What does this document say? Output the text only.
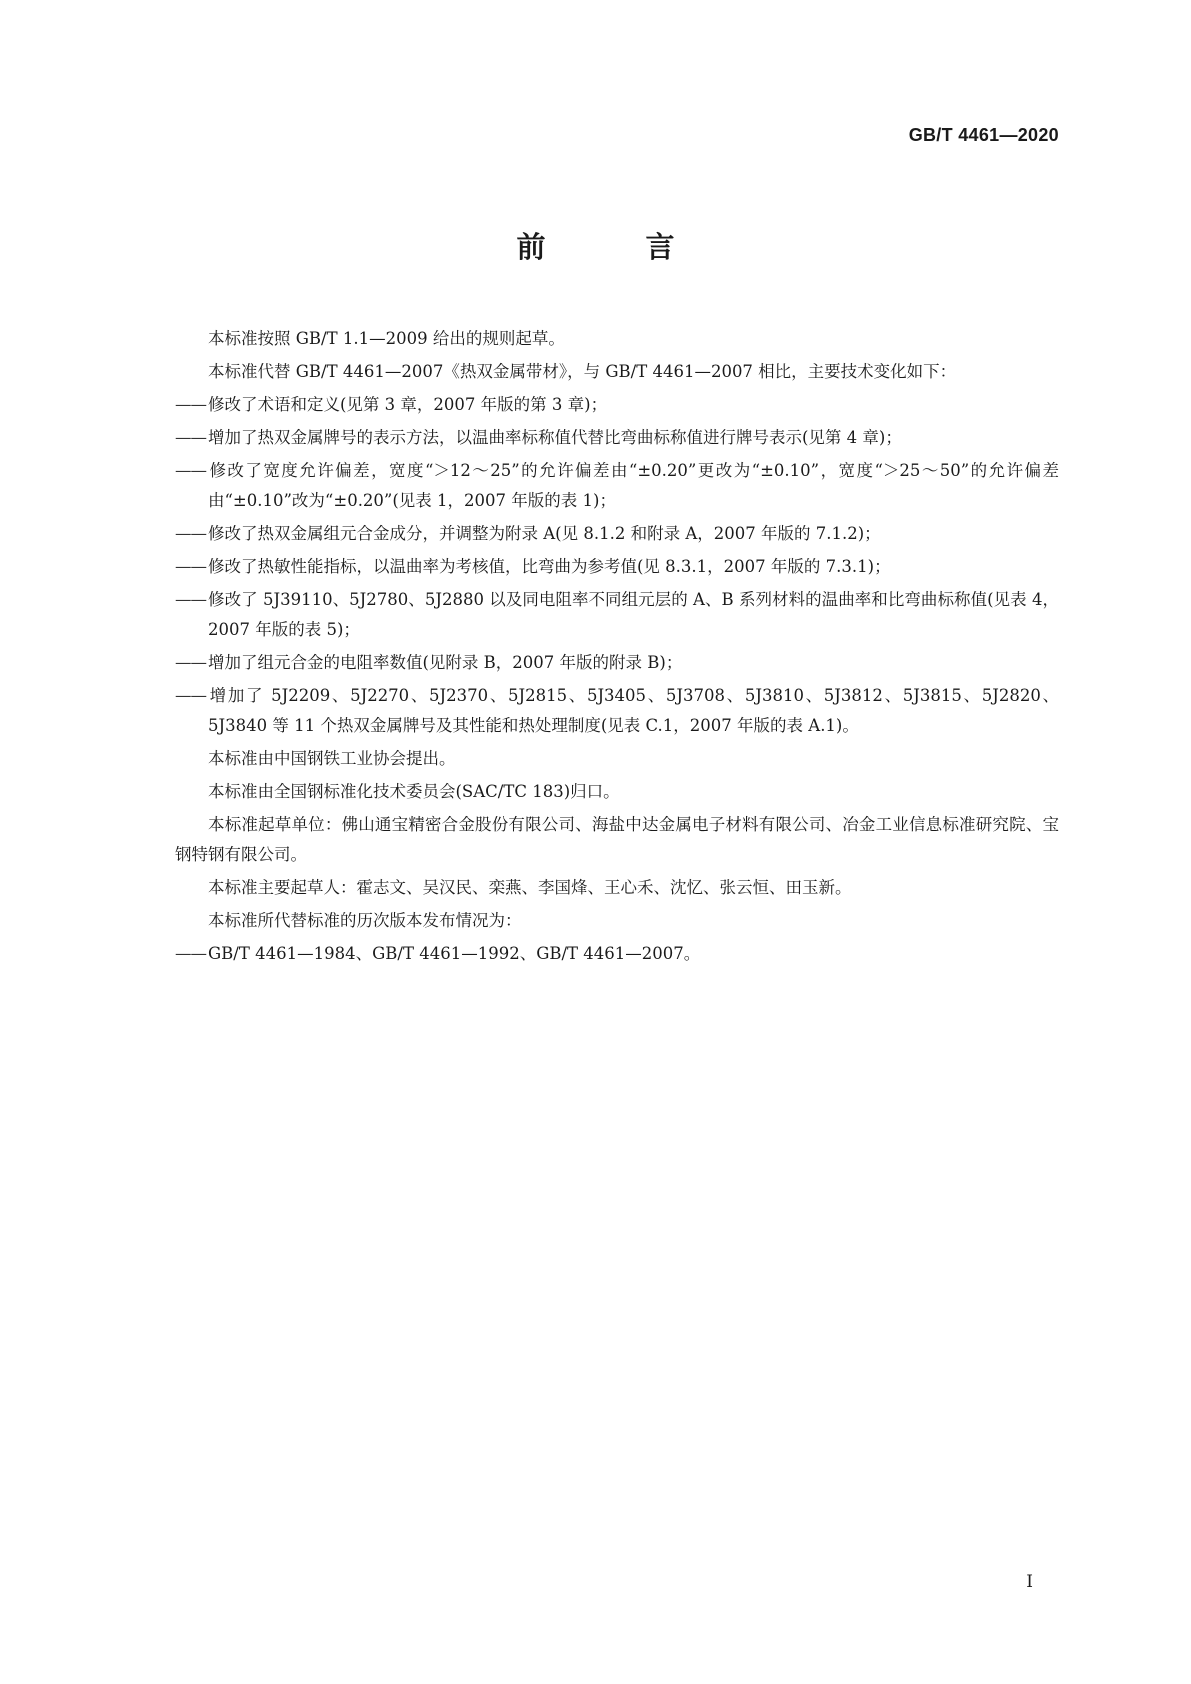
GB/T 4461—2020
前 言

本标准按照 GB/T 1.1—2009 给出的规则起草。

本标准代替 GB/T 4461—2007《热双金属带材》，与 GB/T 4461—2007 相比，主要技术变化如下：

—— 修改了术语和定义(见第 3 章，2007 年版的第 3 章)；
—— 增加了热双金属牌号的表示方法，以温曲率标称值代替比弯曲标称值进行牌号表示(见第 4 章)；
—— 修改了宽度允许偏差，宽度“＞12～25”的允许偏差由“±0.20”更改为“±0.10”，宽度“＞25～50”的允许偏差由“±0.10”改为“±0.20”(见表 1，2007 年版的表 1)；
—— 修改了热双金属组元合金成分，并调整为附录 A(见 8.1.2 和附录 A，2007 年版的 7.1.2)；
—— 修改了热敏性能指标，以温曲率为考核值，比弯曲为参考值(见 8.3.1，2007 年版的 7.3.1)；
—— 修改了 5J39110、5J2780、5J2880 以及同电阻率不同组元层的 A、B 系列材料的温曲率和比弯曲标称值(见表 4，2007 年版的表 5)；
—— 增加了组元合金的电阻率数值(见附录 B，2007 年版的附录 B)；
—— 增加了 5J2209、5J2270、5J2370、5J2815、5J3405、5J3708、5J3810、5J3812、5J3815、5J2820、5J3840 等 11 个热双金属牌号及其性能和热处理制度(见表 C.1，2007 年版的表 A.1)。

本标准由中国钢铁工业协会提出。

本标准由全国钢标准化技术委员会(SAC/TC 183)归口。

本标准起草单位：佛山通宝精密合金股份有限公司、海盐中达金属电子材料有限公司、冶金工业信息标准研究院、宝钢特钢有限公司。

本标准主要起草人：霍志文、吴汉民、栾燕、李国烽、王心禾、沈忆、张云恒、田玉新。

本标准所代替标准的历次版本发布情况为：

—— GB/T 4461—1984、GB/T 4461—1992、GB/T 4461—2007。
I
